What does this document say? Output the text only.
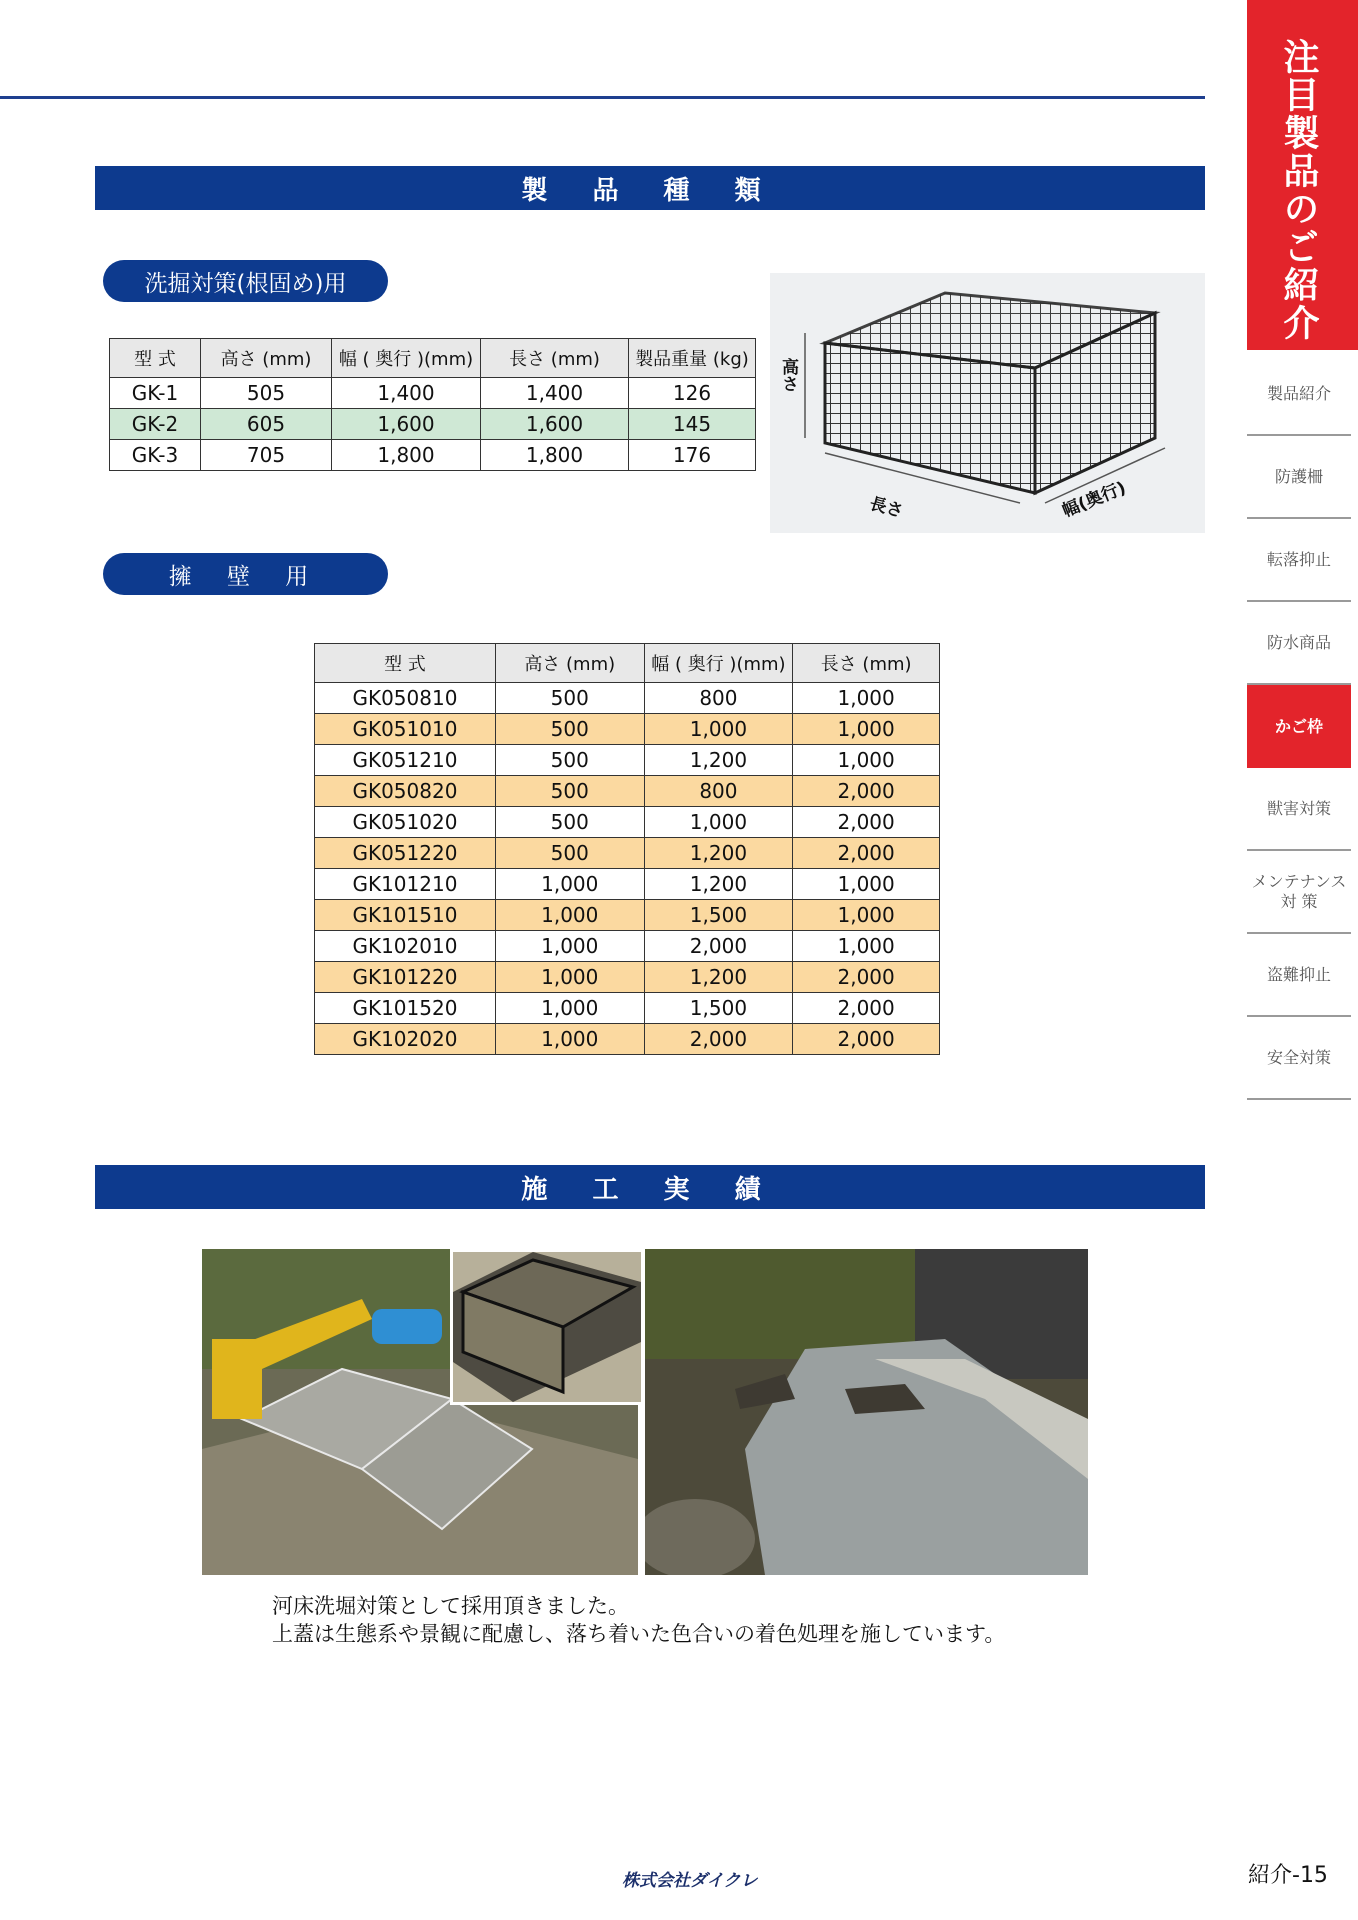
製 品 種 類
洗掘対策(根固め)用
型 式	高さ (mm)	幅 ( 奥行 )(mm)	長さ (mm)	製品重量 (kg)
GK-1	505	1,400	1,400	126
GK-2	605	1,600	1,600	145
GK-3	705	1,800	1,800	176
高さ
長さ	幅(奥行)
擁 壁 用
型 式	高さ (mm)	幅 ( 奥行 )(mm)	長さ (mm)
GK050810	500	800	1,000
GK051010	500	1,000	1,000
GK051210	500	1,200	1,000
GK050820	500	800	2,000
GK051020	500	1,000	2,000
GK051220	500	1,200	2,000
GK101210	1,000	1,200	1,000
GK101510	1,000	1,500	1,000
GK102010	1,000	2,000	1,000
GK101220	1,000	1,200	2,000
GK101520	1,000	1,500	2,000
GK102020	1,000	2,000	2,000
施 工 実 績
河床洗堀対策として採用頂きました。
上蓋は生態系や景観に配慮し、落ち着いた色合いの着色処理を施しています。
注目製品のご紹介
製品紹介
防護柵
転落抑止
防水商品
かご枠
獣害対策
メンテナンス
対 策
盗難抑止
安全対策
株式会社ダイクレ	紹介-15
